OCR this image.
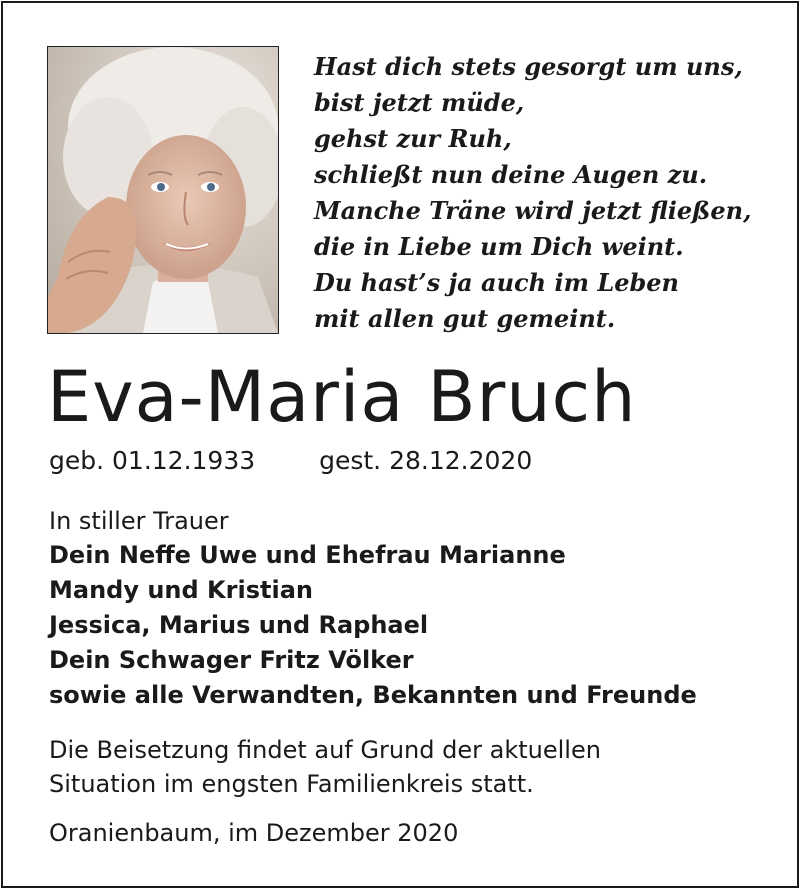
Hast dich stets gesorgt um uns,
bist jetzt müde,
gehst zur Ruh,
schließt nun deine Augen zu.
Manche Träne wird jetzt fließen,
die in Liebe um Dich weint.
Du hast’s ja auch im Leben
mit allen gut gemeint.
Eva-Maria Bruch
geb. 01.12.1933	gest. 28.12.2020
In stiller Trauer
Dein Neffe Uwe und Ehefrau Marianne
Mandy und Kristian
Jessica, Marius und Raphael
Dein Schwager Fritz Völker
sowie alle Verwandten, Bekannten und Freunde
Die Beisetzung findet auf Grund der aktuellen
Situation im engsten Familienkreis statt.
Oranienbaum, im Dezember 2020
